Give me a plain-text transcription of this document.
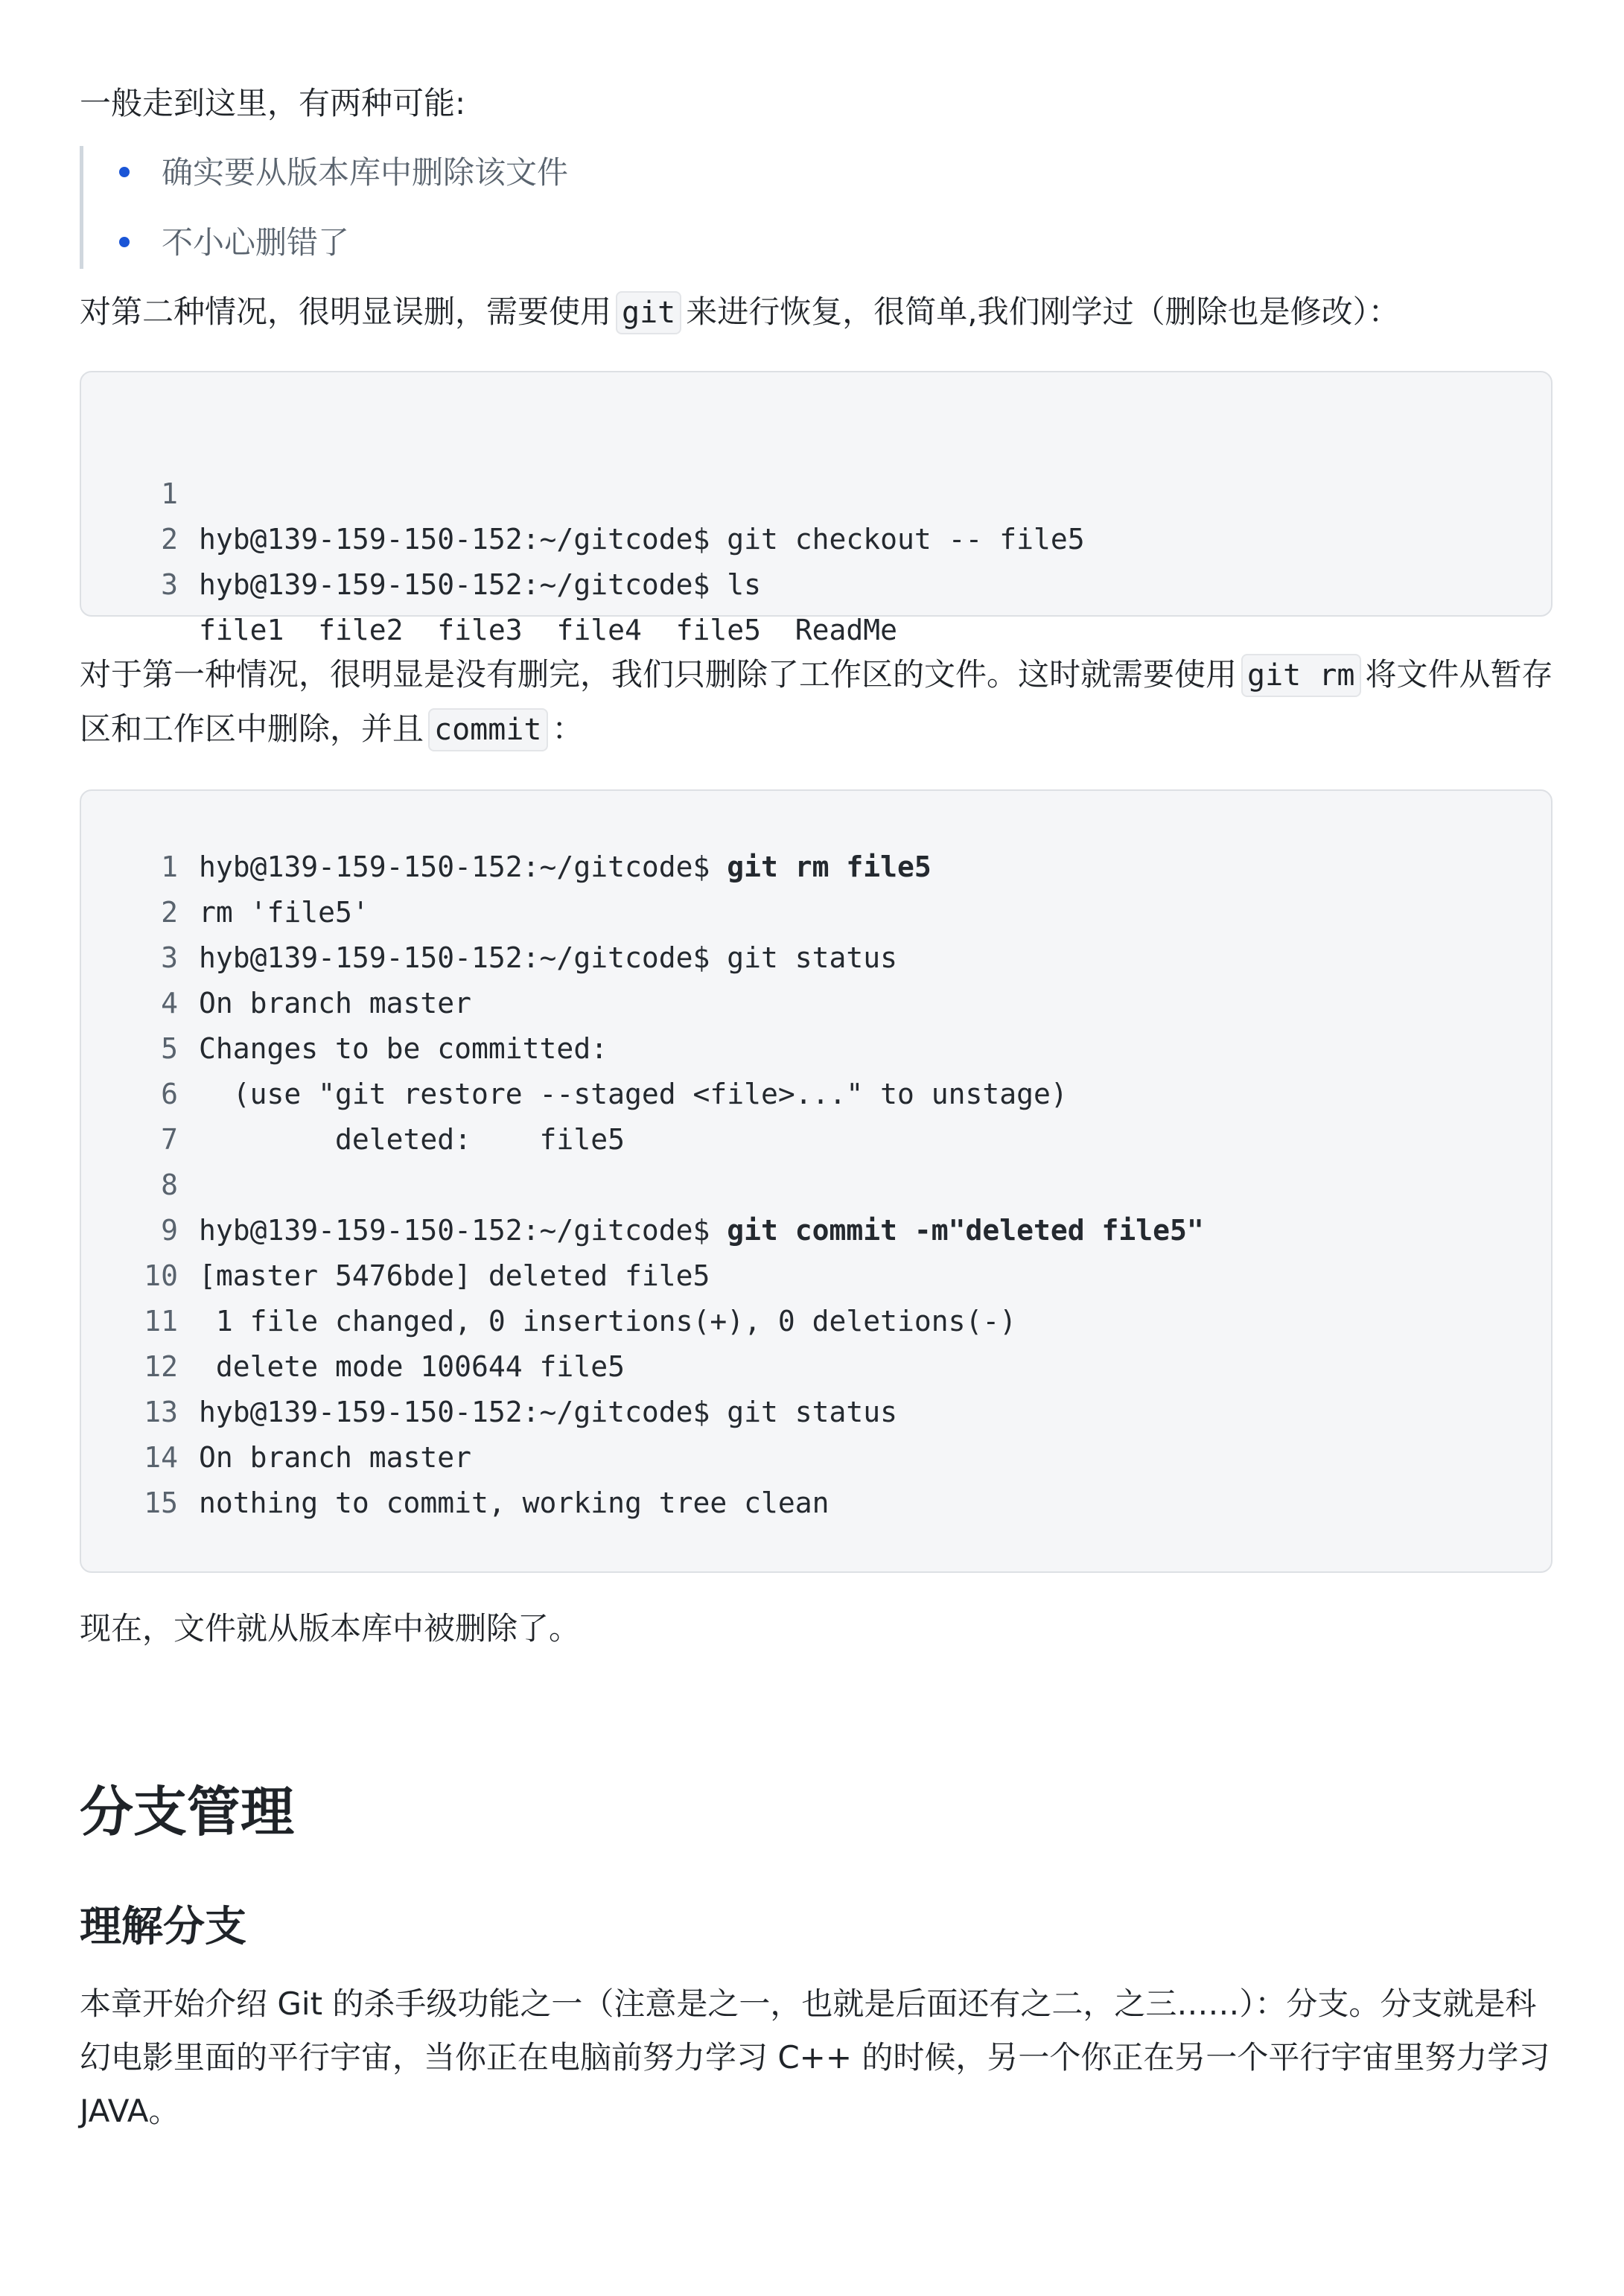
一般走到这里，有两种可能:

确实要从版本库中删除该文件
不小心删错了

对第二种情况，很明显误删，需要使用 git 来进行恢复，很简单,我们刚学过（删除也是修改）：

1

hyb@139-159-150-152:~/gitcode$ git checkout -- file5

2

hyb@139-159-150-152:~/gitcode$ ls

3

file1  file2  file3  file4  file5  ReadMe

对于第一种情况，很明显是没有删完，我们只删除了工作区的文件。这时就需要使用 git rm 将文件从暂存区和工作区中删除，并且 commit ：

1 hyb@139-159-150-152:~/gitcode$ git rm file5
2 rm 'file5'
3 hyb@139-159-150-152:~/gitcode$ git status
4 On branch master
5 Changes to be committed:
6 (use "git restore --staged <file>..." to unstage)
7 deleted:    file5
8
9 hyb@139-159-150-152:~/gitcode$ git commit -m"deleted file5"
10 [master 5476bde] deleted file5
11 1 file changed, 0 insertions(+), 0 deletions(-)
12 delete mode 100644 file5
13 hyb@139-159-150-152:~/gitcode$ git status
14 On branch master
15 nothing to commit, working tree clean

现在，文件就从版本库中被删除了。

分支管理
理解分支

本章开始介绍 Git 的杀手级功能之一（注意是之一，也就是后面还有之二，之三……）：分支。分支就是科幻电影里面的平行宇宙，当你正在电脑前努力学习 C++ 的时候，另一个你正在另一个平行宇宙里努力学习 JAVA。
